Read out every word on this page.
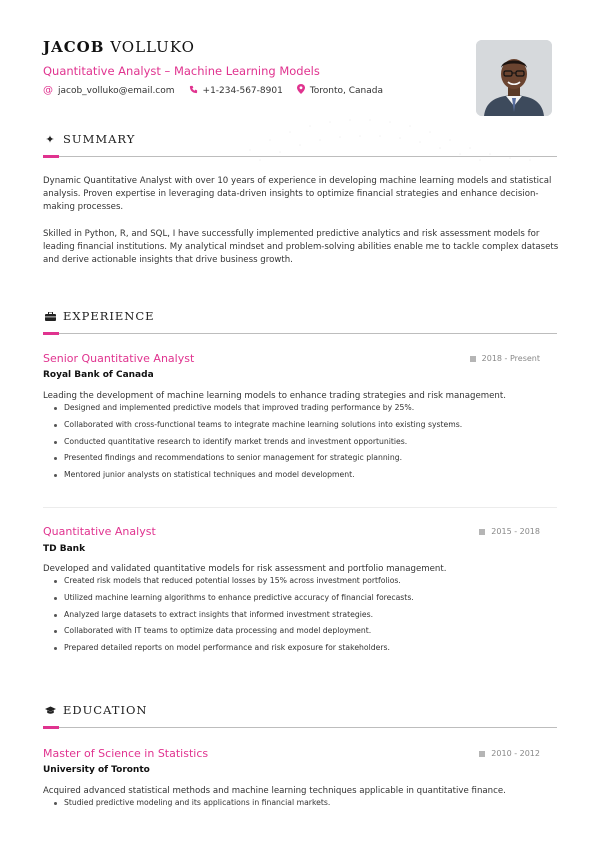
JACOB VOLLUKO
Quantitative Analyst – Machine Learning Models
@ jacob_volluko@email.com	+1-234-567-8901	Toronto, Canada
✦ SUMMARY
Dynamic Quantitative Analyst with over 10 years of experience in developing machine learning models and statistical analysis. Proven expertise in leveraging data-driven insights to optimize financial strategies and enhance decision-making processes.
Skilled in Python, R, and SQL, I have successfully implemented predictive analytics and risk assessment models for leading financial institutions. My analytical mindset and problem-solving abilities enable me to tackle complex datasets and derive actionable insights that drive business growth.
EXPERIENCE
Senior Quantitative Analyst	2018 - Present
Royal Bank of Canada
Leading the development of machine learning models to enhance trading strategies and risk management.
Designed and implemented predictive models that improved trading performance by 25%.
Collaborated with cross-functional teams to integrate machine learning solutions into existing systems.
Conducted quantitative research to identify market trends and investment opportunities.
Presented findings and recommendations to senior management for strategic planning.
Mentored junior analysts on statistical techniques and model development.
Quantitative Analyst	2015 - 2018
TD Bank
Developed and validated quantitative models for risk assessment and portfolio management.
Created risk models that reduced potential losses by 15% across investment portfolios.
Utilized machine learning algorithms to enhance predictive accuracy of financial forecasts.
Analyzed large datasets to extract insights that informed investment strategies.
Collaborated with IT teams to optimize data processing and model deployment.
Prepared detailed reports on model performance and risk exposure for stakeholders.
EDUCATION
Master of Science in Statistics	2010 - 2012
University of Toronto
Acquired advanced statistical methods and machine learning techniques applicable in quantitative finance.
Studied predictive modeling and its applications in financial markets.
